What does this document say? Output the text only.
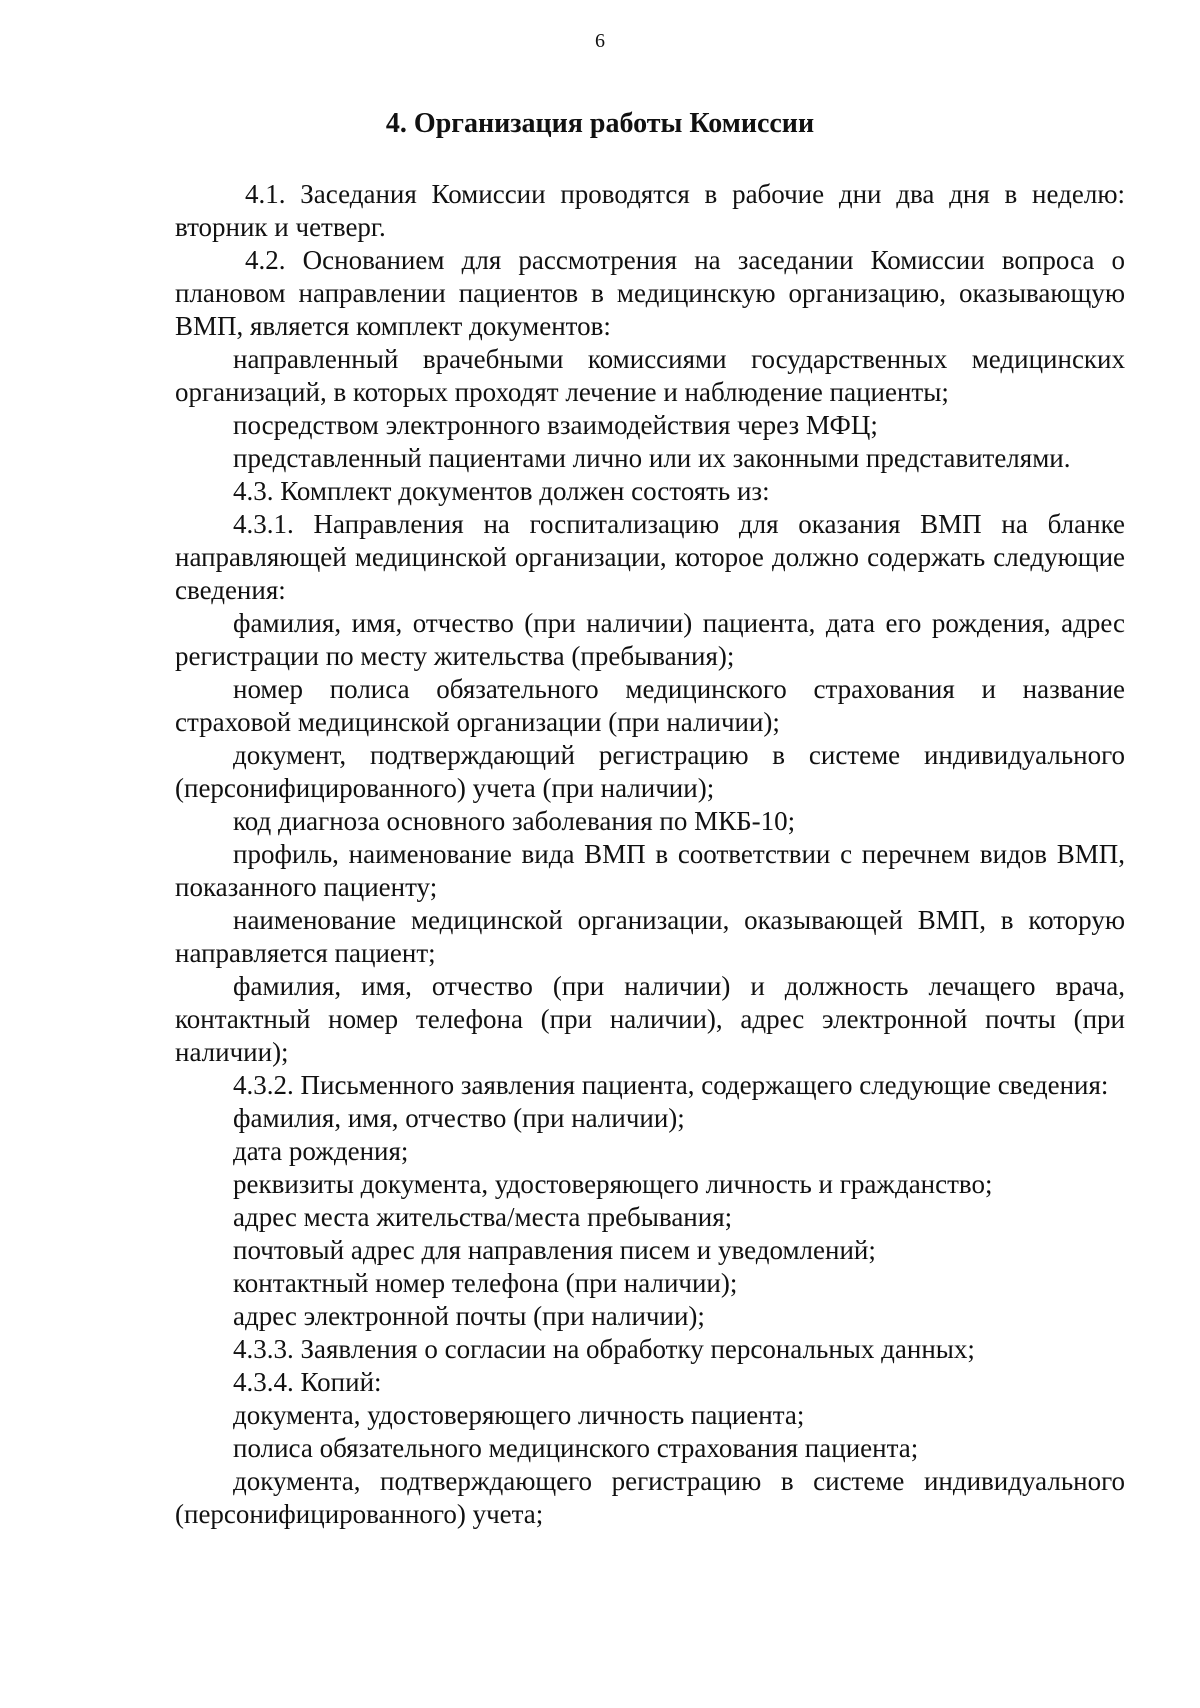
6
4. Организация работы Комиссии

4.1. Заседания Комиссии проводятся в рабочие дни два дня в неделю: вторник и четверг.

4.2. Основанием для рассмотрения на заседании Комиссии вопроса о плановом направлении пациентов в медицинскую организацию, оказывающую ВМП, является комплект документов:

направленный врачебными комиссиями государственных медицинских организаций, в которых проходят лечение и наблюдение пациенты;

посредством электронного взаимодействия через МФЦ;

представленный пациентами лично или их законными представителями.

4.3. Комплект документов должен состоять из:

4.3.1. Направления на госпитализацию для оказания ВМП на бланке направляющей медицинской организации, которое должно содержать следующие сведения:

фамилия, имя, отчество (при наличии) пациента, дата его рождения, адрес регистрации по месту жительства (пребывания);

номер полиса обязательного медицинского страхования и название страховой медицинской организации (при наличии);

документ, подтверждающий регистрацию в системе индивидуального (персонифицированного) учета (при наличии);

код диагноза основного заболевания по МКБ-10;

профиль, наименование вида ВМП в соответствии с перечнем видов ВМП, показанного пациенту;

наименование медицинской организации, оказывающей ВМП, в которую направляется пациент;

фамилия, имя, отчество (при наличии) и должность лечащего врача, контактный номер телефона (при наличии), адрес электронной почты (при наличии);

4.3.2. Письменного заявления пациента, содержащего следующие сведения:

фамилия, имя, отчество (при наличии);

дата рождения;

реквизиты документа, удостоверяющего личность и гражданство;

адрес места жительства/места пребывания;

почтовый адрес для направления писем и уведомлений;

контактный номер телефона (при наличии);

адрес электронной почты (при наличии);

4.3.3. Заявления о согласии на обработку персональных данных;

4.3.4. Копий:

документа, удостоверяющего личность пациента;

полиса обязательного медицинского страхования пациента;

документа, подтверждающего регистрацию в системе индивидуального (персонифицированного) учета;
